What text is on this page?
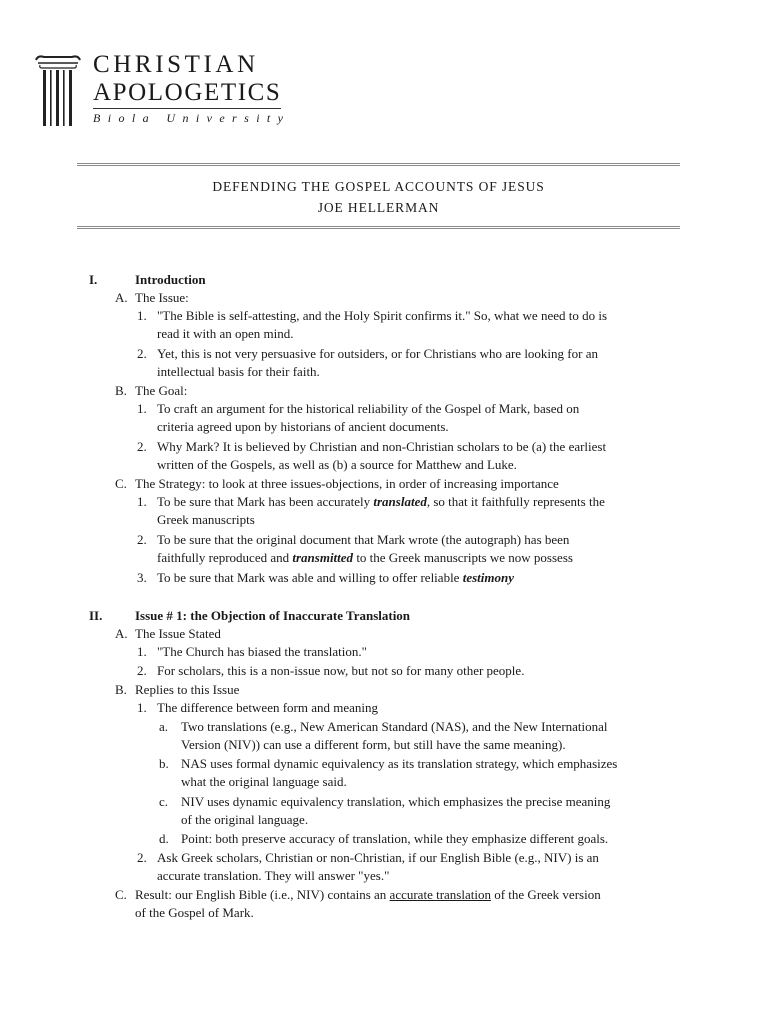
CHRISTIAN
APOLOGETICS
Biola University
DEFENDING THE GOSPEL ACCOUNTS OF JESUS
JOE HELLERMAN
I.	Introduction
A. The Issue:
1. "The Bible is self-attesting, and the Holy Spirit confirms it." So, what we need to do is
read it with an open mind.
2. Yet, this is not very persuasive for outsiders, or for Christians who are looking for an
intellectual basis for their faith.
B. The Goal:
1. To craft an argument for the historical reliability of the Gospel of Mark, based on
criteria agreed upon by historians of ancient documents.
2. Why Mark? It is believed by Christian and non-Christian scholars to be (a) the earliest
written of the Gospels, as well as (b) a source for Matthew and Luke.
C. The Strategy: to look at three issues-objections, in order of increasing importance
1. To be sure that Mark has been accurately translated, so that it faithfully represents the
Greek manuscripts
2. To be sure that the original document that Mark wrote (the autograph) has been
faithfully reproduced and transmitted to the Greek manuscripts we now possess
3. To be sure that Mark was able and willing to offer reliable testimony
II.	Issue # 1: the Objection of Inaccurate Translation
A. The Issue Stated
1. "The Church has biased the translation."
2. For scholars, this is a non-issue now, but not so for many other people.
B. Replies to this Issue
1. The difference between form and meaning
a. Two translations (e.g., New American Standard (NAS), and the New International
Version (NIV)) can use a different form, but still have the same meaning).
b. NAS uses formal dynamic equivalency as its translation strategy, which emphasizes
what the original language said.
c. NIV uses dynamic equivalency translation, which emphasizes the precise meaning
of the original language.
d. Point: both preserve accuracy of translation, while they emphasize different goals.
2. Ask Greek scholars, Christian or non-Christian, if our English Bible (e.g., NIV) is an
accurate translation. They will answer "yes."
C. Result: our English Bible (i.e., NIV) contains an accurate translation of the Greek version
of the Gospel of Mark.
